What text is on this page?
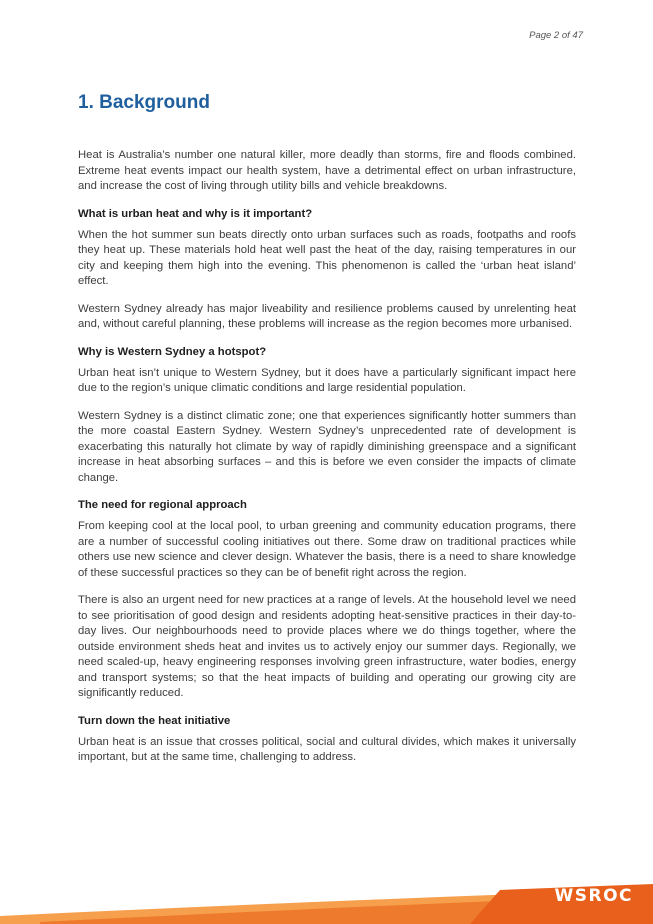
Page 2 of 47
1. Background

Heat is Australia’s number one natural killer, more deadly than storms, fire and floods combined. Extreme heat events impact our health system, have a detrimental effect on urban infrastructure, and increase the cost of living through utility bills and vehicle breakdowns.

What is urban heat and why is it important?

When the hot summer sun beats directly onto urban surfaces such as roads, footpaths and roofs they heat up. These materials hold heat well past the heat of the day, raising temperatures in our city and keeping them high into the evening. This phenomenon is called the ‘urban heat island’ effect.

Western Sydney already has major liveability and resilience problems caused by unrelenting heat and, without careful planning, these problems will increase as the region becomes more urbanised.

Why is Western Sydney a hotspot?

Urban heat isn’t unique to Western Sydney, but it does have a particularly significant impact here due to the region’s unique climatic conditions and large residential population.

Western Sydney is a distinct climatic zone; one that experiences significantly hotter summers than the more coastal Eastern Sydney. Western Sydney’s unprecedented rate of development is exacerbating this naturally hot climate by way of rapidly diminishing greenspace and a significant increase in heat absorbing surfaces – and this is before we even consider the impacts of climate change.

The need for regional approach

From keeping cool at the local pool, to urban greening and community education programs, there are a number of successful cooling initiatives out there. Some draw on traditional practices while others use new science and clever design. Whatever the basis, there is a need to share knowledge of these successful practices so they can be of benefit right across the region.

There is also an urgent need for new practices at a range of levels. At the household level we need to see prioritisation of good design and residents adopting heat-sensitive practices in their day-to-day lives. Our neighbourhoods need to provide places where we do things together, where the outside environment sheds heat and invites us to actively enjoy our summer days. Regionally, we need scaled-up, heavy engineering responses involving green infrastructure, water bodies, energy and transport systems; so that the heat impacts of building and operating our growing city are significantly reduced.

Turn down the heat initiative

Urban heat is an issue that crosses political, social and cultural divides, which makes it universally important, but at the same time, challenging to address.

WSROC
